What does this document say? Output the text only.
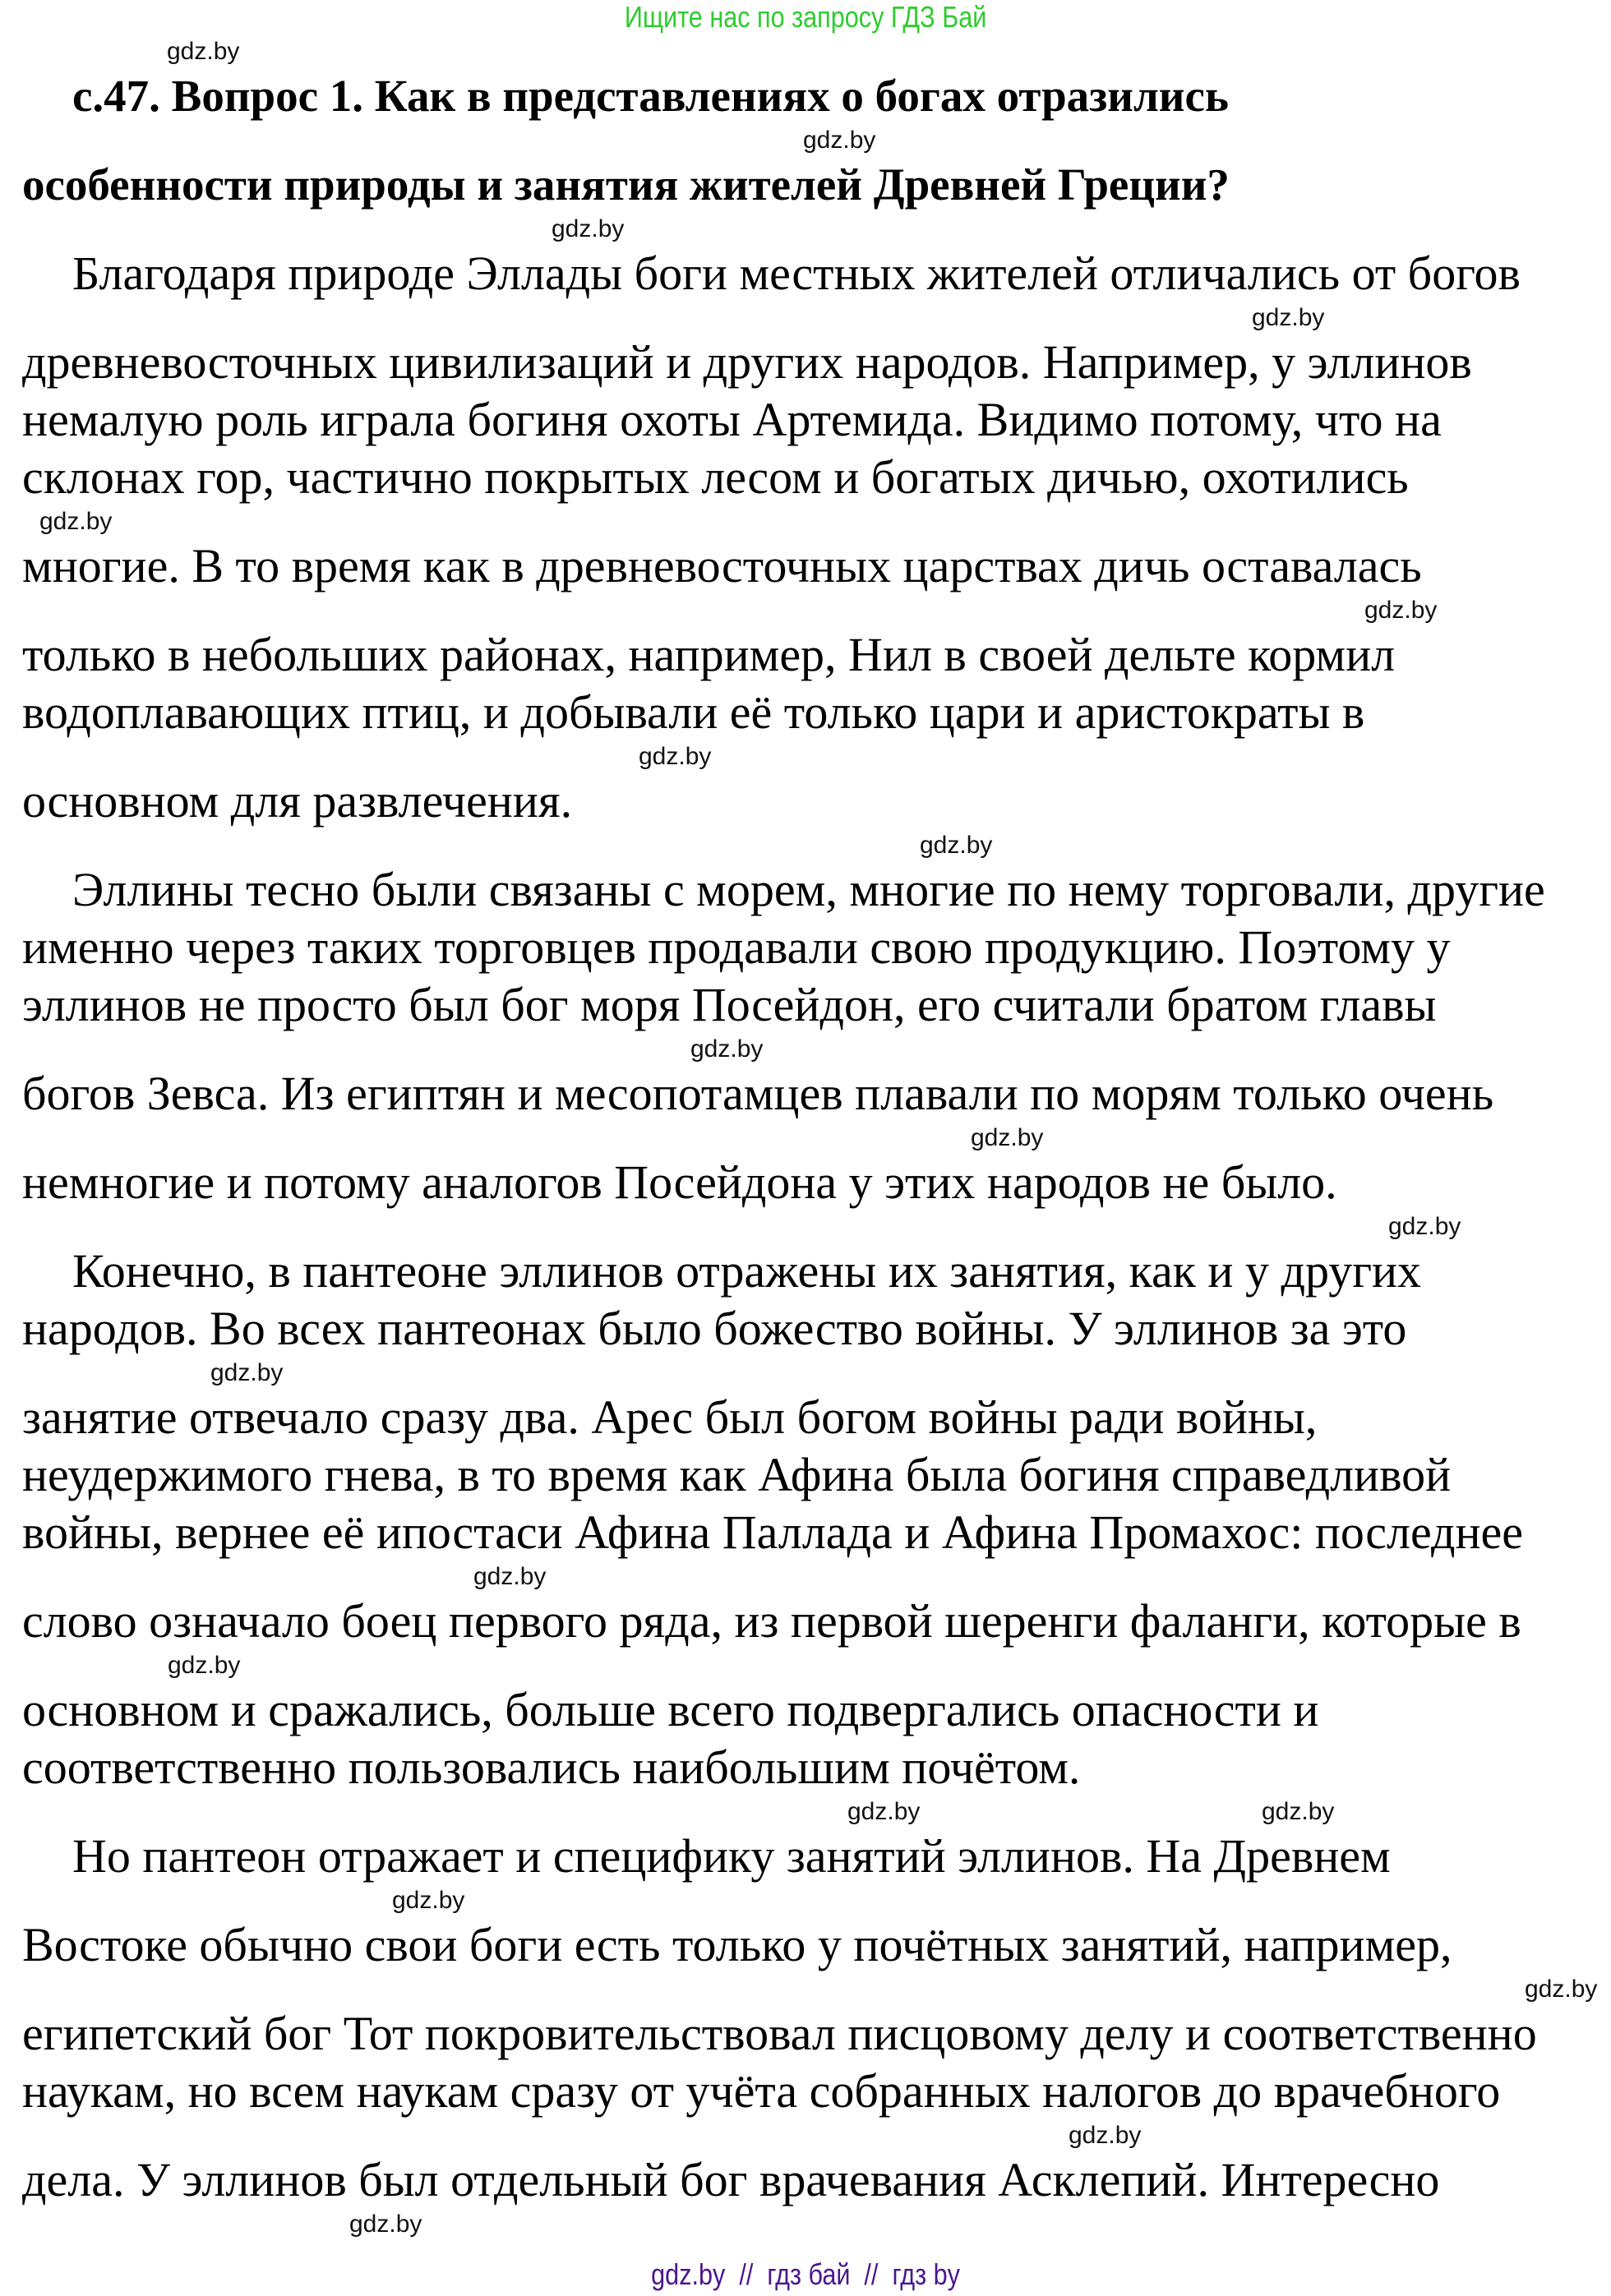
Ищите нас по запросу ГДЗ Бай
gdz.by
с.47. Вопрос 1. Как в представлениях о богах отразились
gdz.by
особенности природы и занятия жителей Древней Греции?
gdz.by
Благодаря природе Эллады боги местных жителей отличались от богов
gdz.by
древневосточных цивилизаций и других народов. Например, у эллинов
немалую роль играла богиня охоты Артемида. Видимо потому, что на
склонах гор, частично покрытых лесом и богатых дичью, охотились
gdz.by
многие. В то время как в древневосточных царствах дичь оставалась
gdz.by
только в небольших районах, например, Нил в своей дельте кормил
водоплавающих птиц, и добывали её только цари и аристократы в
gdz.by
основном для развлечения.
gdz.by
Эллины тесно были связаны с морем, многие по нему торговали, другие
именно через таких торговцев продавали свою продукцию. Поэтому у
эллинов не просто был бог моря Посейдон, его считали братом главы
gdz.by
богов Зевса. Из египтян и месопотамцев плавали по морям только очень
gdz.by
немногие и потому аналогов Посейдона у этих народов не было.
gdz.by
Конечно, в пантеоне эллинов отражены их занятия, как и у других
народов. Во всех пантеонах было божество войны. У эллинов за это
gdz.by
занятие отвечало сразу два. Арес был богом войны ради войны,
неудержимого гнева, в то время как Афина была богиня справедливой
войны, вернее её ипостаси Афина Паллада и Афина Промахос: последнее
gdz.by
слово означало боец первого ряда, из первой шеренги фаланги, которые в
gdz.by
основном и сражались, больше всего подвергались опасности и
соответственно пользовались наибольшим почётом.
gdz.by	gdz.by
Но пантеон отражает и специфику занятий эллинов. На Древнем
gdz.by
Востоке обычно свои боги есть только у почётных занятий, например,
gdz.by
египетский бог Тот покровительствовал писцовому делу и соответственно
наукам, но всем наукам сразу от учёта собранных налогов до врачебного
gdz.by
дела. У эллинов был отдельный бог врачевания Асклепий. Интересно
gdz.by
gdz.by  //  гдз бай  //  гдз by
